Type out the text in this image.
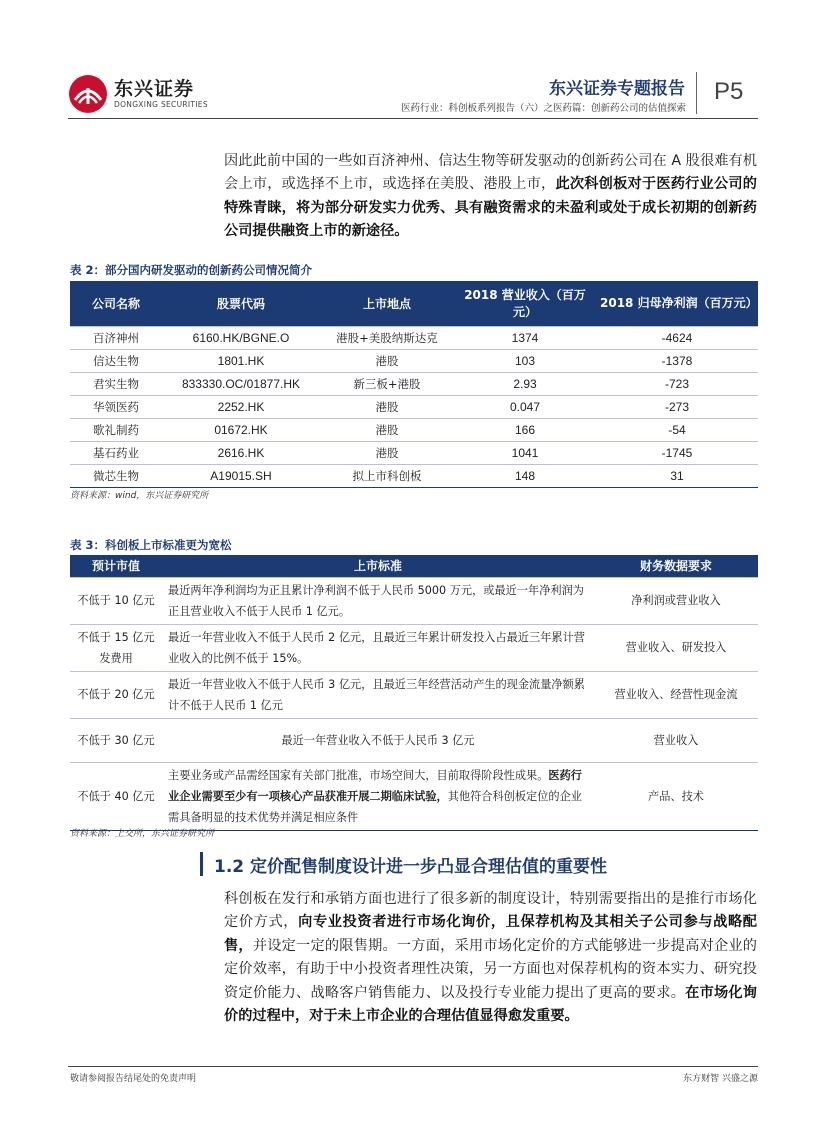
东兴证券
DONGXING SECURITIES
东兴证券专题报告
医药行业：科创板系列报告（六）之医药篇：创新药公司的估值探索
P5
因此此前中国的一些如百济神州、信达生物等研发驱动的创新药公司在 A 股很难有机会上市，或选择不上市，或选择在美股、港股上市，此次科创板对于医药行业公司的特殊青睐，将为部分研发实力优秀、具有融资需求的未盈利或处于成长初期的创新药公司提供融资上市的新途径。
表 2：部分国内研发驱动的创新药公司情况简介
公司名称	股票代码	上市地点	2018 营业收入（百万元）	2018 归母净利润（百万元）
百济神州	6160.HK/BGNE.O	港股+美股纳斯达克	1374	-4624
信达生物	1801.HK	港股	103	-1378
君实生物	833330.OC/01877.HK	新三板+港股	2.93	-723
华领医药	2252.HK	港股	0.047	-273
歌礼制药	01672.HK	港股	166	-54
基石药业	2616.HK	港股	1041	-1745
微芯生物	A19015.SH	拟上市科创板	148	31
资料来源：wind，东兴证券研究所
表 3：科创板上市标准更为宽松
预计市值	上市标准	财务数据要求
不低于 10 亿元	最近两年净利润均为正且累计净利润不低于人民币 5000 万元，或最近一年净利润为正且营业收入不低于人民币 1 亿元。	净利润或营业收入
不低于 15 亿元发费用	最近一年营业收入不低于人民币 2 亿元，且最近三年累计研发投入占最近三年累计营业收入的比例不低于 15%。	营业收入、研发投入
不低于 20 亿元	最近一年营业收入不低于人民币 3 亿元，且最近三年经营活动产生的现金流量净额累计不低于人民币 1 亿元	营业收入、经营性现金流
不低于 30 亿元	最近一年营业收入不低于人民币 3 亿元	营业收入
不低于 40 亿元	主要业务或产品需经国家有关部门批准，市场空间大，目前取得阶段性成果。医药行业企业需要至少有一项核心产品获准开展二期临床试验，其他符合科创板定位的企业需具备明显的技术优势并满足相应条件	产品、技术
资料来源：上交所，东兴证券研究所
1.2 定价配售制度设计进一步凸显合理估值的重要性
科创板在发行和承销方面也进行了很多新的制度设计，特别需要指出的是推行市场化定价方式，向专业投资者进行市场化询价，且保荐机构及其相关子公司参与战略配售，并设定一定的限售期。一方面，采用市场化定价的方式能够进一步提高对企业的定价效率，有助于中小投资者理性决策，另一方面也对保荐机构的资本实力、研究投资定价能力、战略客户销售能力、以及投行专业能力提出了更高的要求。在市场化询价的过程中，对于未上市企业的合理估值显得愈发重要。
敬请参阅报告结尾处的免责声明	东方财智 兴盛之源
